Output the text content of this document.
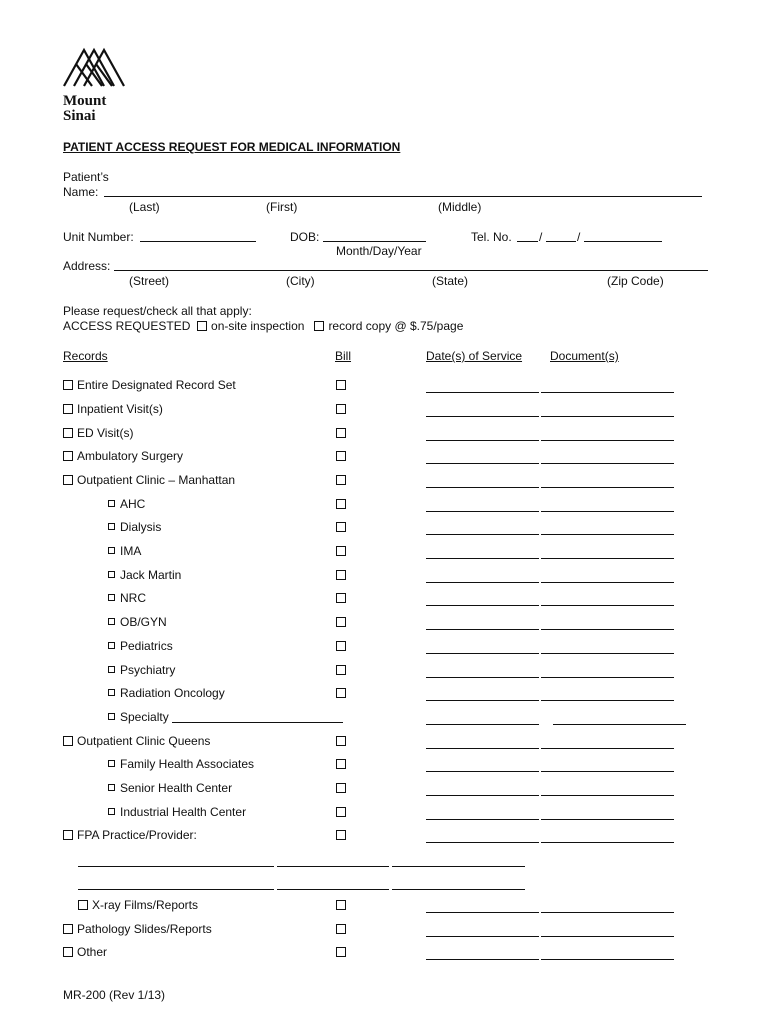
Mount
Sinai
PATIENT ACCESS REQUEST FOR MEDICAL INFORMATION
Patient’s
Name:
(Last)	(First)	(Middle)
Unit Number:	DOB:
Month/Day/Year
Tel. No. /	/
Address:
(Street)	(City)	(State)	(Zip Code)
Please request/check all that apply:
ACCESS REQUESTED on-site inspection record copy @ $.75/page
Records	Bill	Date(s) of Service Document(s)
Entire Designated Record Set
Inpatient Visit(s)
ED Visit(s)
Ambulatory Surgery
Outpatient Clinic – Manhattan
AHC
Dialysis
IMA
Jack Martin
NRC
OB/GYN
Pediatrics
Psychiatry
Radiation Oncology
Specialty
Outpatient Clinic Queens
Family Health Associates
Senior Health Center
Industrial Health Center
FPA Practice/Provider:
X-ray Films/Reports
Pathology Slides/Reports
Other
MR-200 (Rev 1/13)
